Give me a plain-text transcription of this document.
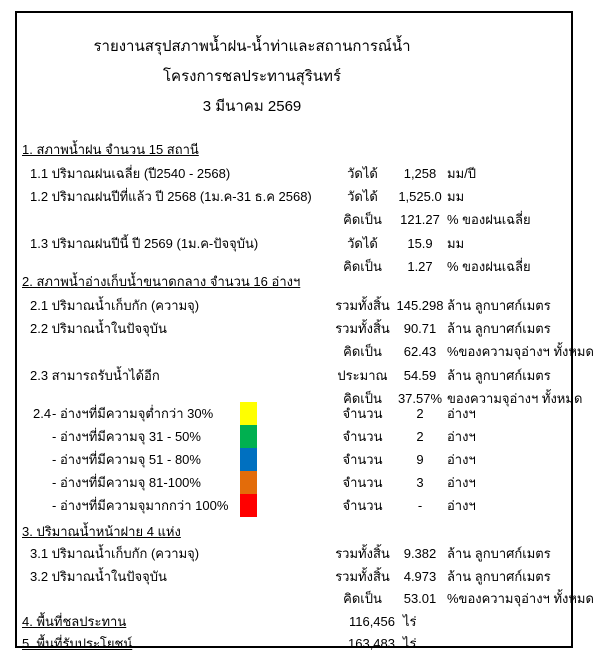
รายงานสรุปสภาพน้ำฝน-น้ำท่าและสถานการณ์น้ำ
โครงการชลประทานสุรินทร์
3 มีนาคม 2569
1. สภาพน้ำฝน จำนวน 15 สถานี
1.1 ปริมาณฝนเฉลี่ย (ปี2540 - 2568)	วัดได้	1,258 มม/ปี
1.2 ปริมาณฝนปีที่แล้ว ปี 2568 (1ม.ค-31 ธ.ค 2568)	วัดได้	1,525.0 มม
คิดเป็น	121.27 % ของฝนเฉลี่ย
1.3 ปริมาณฝนปีนี้ ปี 2569 (1ม.ค-ปัจจุบัน)	วัดได้	15.9	มม
คิดเป็น	1.27	% ของฝนเฉลี่ย
2. สภาพน้ำอ่างเก็บน้ำขนาดกลาง จำนวน 16 อ่างฯ
2.1 ปริมาณน้ำเก็บกัก (ความจุ)	รวมทั้งสิ้น 145.298 ล้าน ลูกบาศก์เมตร
2.2 ปริมาณน้ำในปัจจุบัน	รวมทั้งสิ้น	90.71 ล้าน ลูกบาศก์เมตร
คิดเป็น	62.43 %ของความจุอ่างฯ ทั้งหมด
2.3 สามารถรับน้ำได้อีก	ประมาณ	54.59 ล้าน ลูกบาศก์เมตร
คิดเป็น	37.57% ของความจุอ่างฯ ทั้งหมด
2.4 - อ่างฯที่มีความจุต่ำกว่า 30%	จำนวน	2	อ่างฯ
- อ่างฯที่มีความจุ 31 - 50%	จำนวน	2	อ่างฯ
- อ่างฯที่มีความจุ 51 - 80%	จำนวน	9	อ่างฯ
- อ่างฯที่มีความจุ 81-100%	จำนวน	3	อ่างฯ
- อ่างฯที่มีความจุมากกว่า 100%	จำนวน	-	อ่างฯ
3. ปริมาณน้ำหน้าฝาย 4 แห่ง
3.1 ปริมาณน้ำเก็บกัก (ความจุ)	รวมทั้งสิ้น	9.382 ล้าน ลูกบาศก์เมตร
3.2 ปริมาณน้ำในปัจจุบัน	รวมทั้งสิ้น	4.973 ล้าน ลูกบาศก์เมตร
คิดเป็น	53.01 %ของความจุอ่างฯ ทั้งหมด
4. พื้นที่ชลประทาน	116,456 ไร่
5. พื้นที่รับประโยชน์	163,483 ไร่
